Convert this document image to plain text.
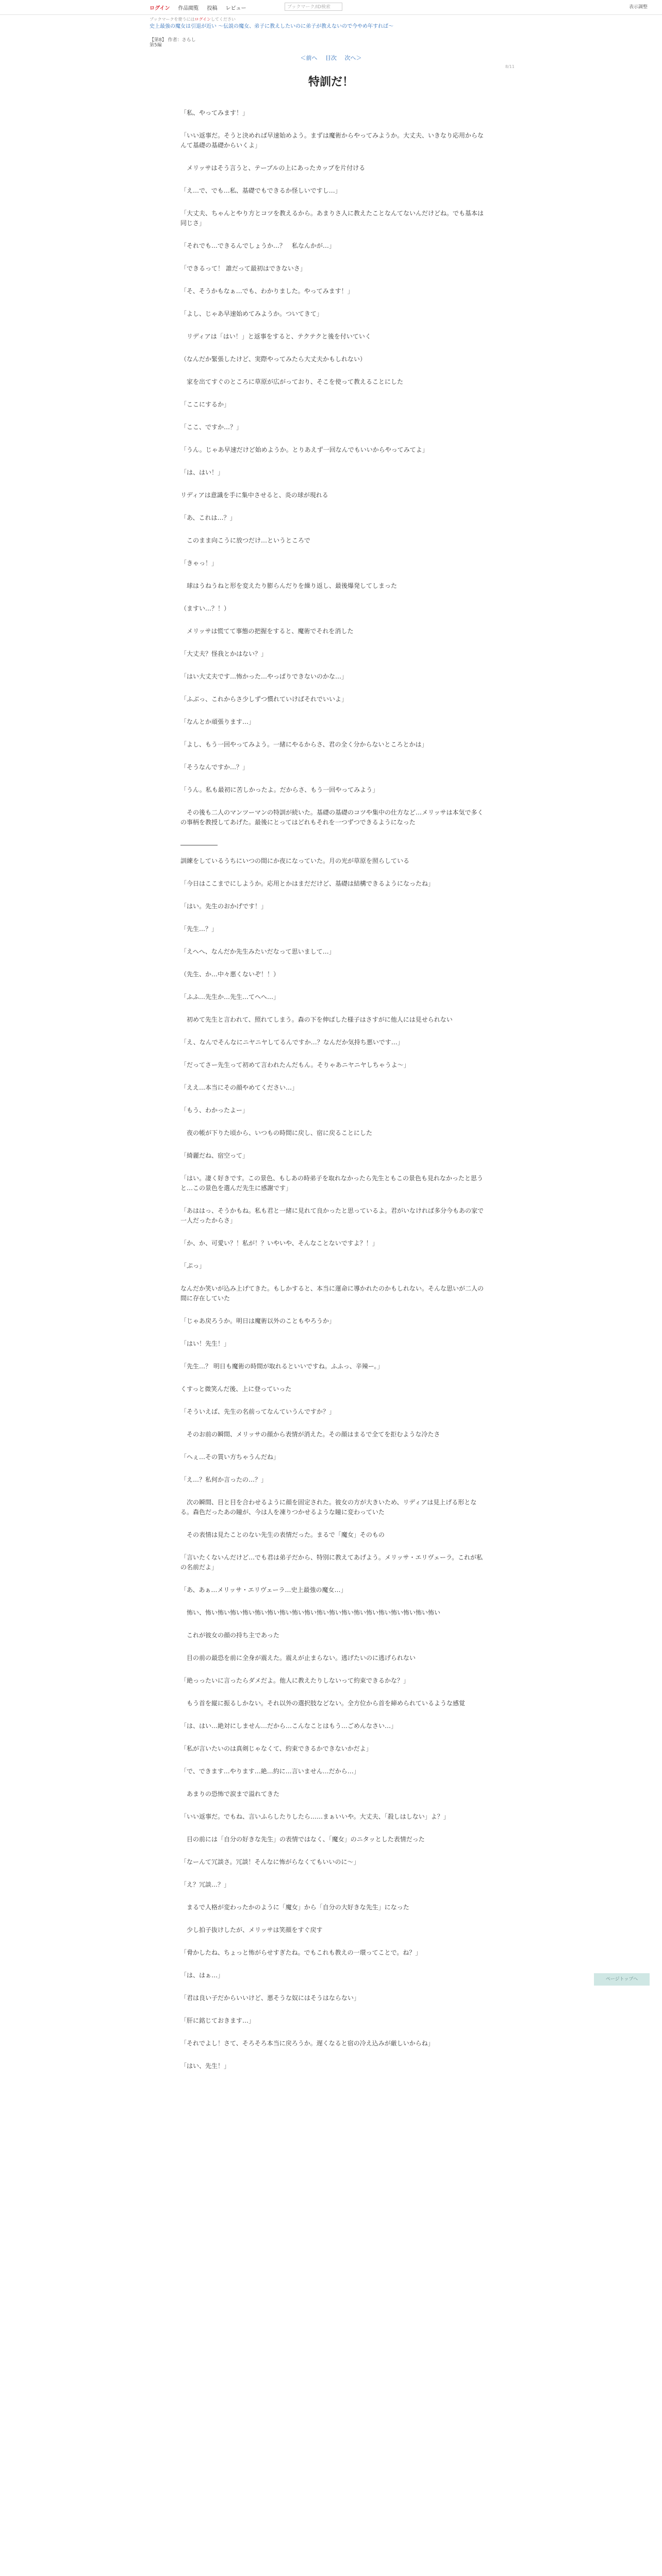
ログイン 作品閲覧 投稿 レビュー	ブックマーク/ID検索	表示調整
ブックマークを使うにはログインしてください
史上最強の魔女は引退が近い ～伝説の魔女、弟子に教えしたいのに弟子が教えないので今やめ年すれば～
【第8】 作者：さらし
第5編
＜前へ 目次 次へ＞
8/11
特訓だ！

「私、やってみます！」

「いい返事だ。そうと決めれば早速始めよう。まずは魔術からやってみようか。大丈夫、いきなり応用からなんて基礎の基礎からいくよ」

　メリッサはそう言うと、テーブルの上にあったカップを片付ける

「え…で、でも…私、基礎でもできるか怪しいですし…」

「大丈夫、ちゃんとやり方とコツを教えるから。あまりさ人に教えたことなんてないんだけどね。でも基本は同じさ」

「それでも…できるんでしょうか…？　私なんかが…」

「できるって！ 誰だって最初はできないさ」

「そ、そうかもなぁ…でも、わかりました。やってみます！」

「よし、じゃあ早速始めてみようか。ついてきて」

　リディアは「はい！」と返事をすると、テクテクと後を付いていく

（なんだか緊張したけど、実際やってみたら大丈夫かもしれない）

　家を出てすぐのところに草原が広がっており、そこを使って教えることにした

「ここにするか」

「ここ、ですか…？」

「うん。じゃあ早速だけど始めようか。とりあえず一回なんでもいいからやってみてよ」

「は、はい！」

リディアは意識を手に集中させると、炎の球が現れる

「あ、これは…？」

　このまま向こうに放つだけ…というところで

「きゃっ！」

　球はうねうねと形を変えたり膨らんだりを繰り返し、最後爆発してしまった

（ますい…？！）

　メリッサは慌てて事態の把握をすると、魔術でそれを消した

「大丈夫？怪我とかはない？」

「はい大丈夫です…怖かった…やっぱりできないのかな…」

「ふぶっ、これからさ少しずつ慣れていけばそれでいいよ」

「なんとか頑張ります…」

「よし、もう一回やってみよう。一緒にやるからさ、君の全く分からないところとかは」

「そうなんですか…？」

「うん。私も最初に苦しかったよ。だからさ、もう一回やってみよう」

　その後も二人のマンツーマンの特訓が続いた。基礎の基礎のコツや集中の仕方など…メリッサは本気で多くの事柄を教授してあげた。最後にとってはどれもそれを一つずつできるようになった

――――――

訓練をしているうちにいつの間にか夜になっていた。月の光が草原を照らしている

「今日はここまでにしようか。応用とかはまだだけど、基礎は結構できるようになったね」

「はい。先生のおかげです！」

「先生…？」

「えへへ、なんだか先生みたいだなって思いまして…」

（先生、か…中々悪くないぞ！！）

「ふふ…先生か…先生…てへへ…」

　初めて先生と言われて、照れてしまう。森の下を伸ばした様子はさすがに他人には見せられない

「え、なんでそんなにニヤニヤしてるんですか…？なんだか気持ち悪いです…」

「だってさー先生って初めて言われたんだもん。そりゃあニヤニヤしちゃうよ～」

「ええ…本当にその顔やめてください…」

「もう、わかったよー」

　夜の帳が下りた頃から、いつもの時間に戻し、宿に戻ることにした

「綺麗だね、宿空って」

「はい。凄く好きです。この景色、もしあの時弟子を取れなかったら先生ともこの景色も見れなかったと思うと…この景色を選んだ先生に感謝です」

「あははっ、そうかもね。私も君と一緒に見れて良かったと思っているよ。君がいなければ多分今もあの家で一人だったからさ」

「か、か、可愛い？！私が！？いやいや、そんなことないですよ？！」

「ぷっ」

なんだか笑いが込み上げてきた。もしかすると、本当に運命に導かれたのかもしれない。そんな思いが二人の間に存在していた

「じゃあ戻ろうか。明日は魔術以外のこともやろうか」

「はい！先生！」

「先生…？ 明日も魔術の時間が取れるといいですね。ふふっ、辛辣ー。」

くすっと微笑んだ後、上に登っていった

「そういえば、先生の名前ってなんていうんですか？」

　そのお前の瞬間、メリッサの顔から表情が消えた。その顔はまるで全てを拒むような冷たさ

「へぇ…その質い方ちゃうんだね」

「え…？私何か言ったの…？」

　次の瞬間、目と目を合わせるように顔を固定された。彼女の方が大きいため、リディアは見上げる形となる。森色だったあの瞳が、今は人を凍りつかせるような瞳に変わっていた

　その表情は見たことのない先生の表情だった。まるで「魔女」そのもの

「言いたくないんだけど…でも君は弟子だから、特別に教えてあげよう。メリッサ・エリヴェーラ。これが私の名前だよ」

「あ、あぁ…メリッサ・エリヴェーラ…史上最強の魔女…」

　怖い、怖い怖い怖い怖い怖い怖い怖い怖い怖い怖い怖い怖い怖い怖い怖い怖い怖い怖い怖い

　これが彼女の顔の持ち主であった

　目の前の最恐を前に全身が震えた。震えが止まらない。逃げたいのに逃げられない

「絶っったいに言ったらダメだよ。他人に教えたりしないって約束できるかな？」

　もう首を縦に振るしかない。それ以外の選択肢などない。全方位から首を締められているような感覚

「は、はい…絶対にしません…だから…こんなことはもう…ごめんなさい…」

「私が言いたいのは真剣じゃなくて、約束できるかできないかだよ」

「で、できます…やります…絶…約に…言いません…だから…」

　あまりの恐怖で涙まで溢れてきた

「いい返事だ。でもね、言いふらしたりしたら……まぁいいや。大丈夫、「殺しはしない」よ？」

　目の前には「自分の好きな先生」の表情ではなく、「魔女」のニタッとした表情だった

「なーんて冗談さ。冗談！そんなに怖がらなくてもいいのに～」

「え？冗談…？」

　まるで人格が変わったかのように「魔女」から「自分の大好きな先生」になった

　少し拍子抜けしたが、メリッサは笑顔をすぐ戻す

「脅かしたね、ちょっと怖がらせすぎたね。でもこれも教えの一環ってことで。ね？」

「は、はぁ…」

「君は良い子だからいいけど、悪そうな奴にはそうはならない」

「肝に銘じておきます…」

「それでよし！さて、そろそろ本当に戻ろうか。遅くなると宿の冷え込みが厳しいからね」

「はい、先生！」

ページトップへ
